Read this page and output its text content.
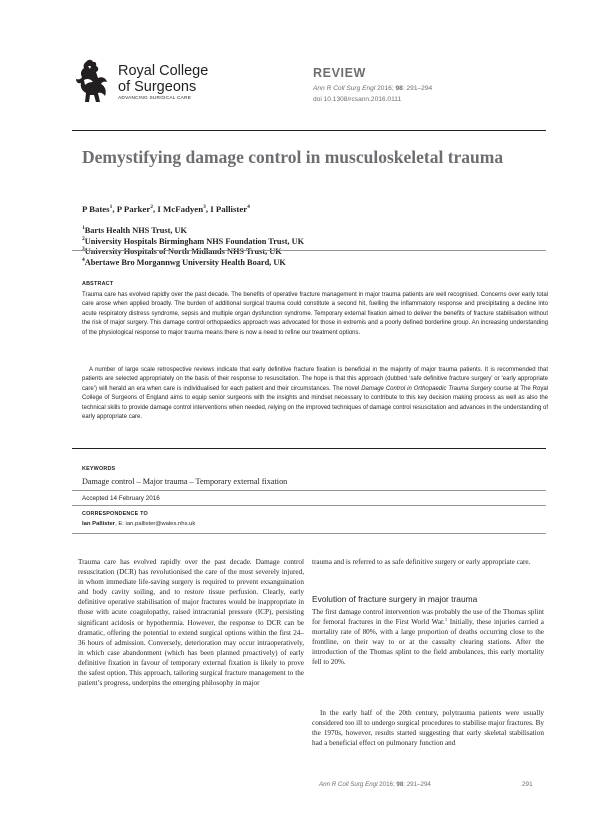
Royal College
of Surgeons
ADVANCING SURGICAL CARE
REVIEW
Ann R Coll Surg Engl 2016; 98: 291–294
doi 10.1308/rcsann.2016.0111
Demystifying damage control in musculoskeletal trauma
P Bates$^1$, P Parker$^2$, I McFadyen$^3$, I Pallister$^4$
$^1$Barts Health NHS Trust, UK
$^2$University Hospitals Birmingham NHS Foundation Trust, UK
$^3$University Hospitals of North Midlands NHS Trust, UK
$^4$Abertawe Bro Morgannwg University Health Board, UK
ABSTRACT
Trauma care has evolved rapidly over the past decade. The benefits of operative fracture management in major trauma patients are well recognised. Concerns over early total care arose when applied broadly. The burden of additional surgical trauma could constitute a second hit, fuelling the inflammatory response and precipitating a decline into acute respiratory distress syndrome, sepsis and multiple organ dysfunction syndrome. Temporary external fixation aimed to deliver the benefits of fracture stabilisation without the risk of major surgery. This damage control orthopaedics approach was advocated for those in extremis and a poorly defined borderline group. An increasing understanding of the physiological response to major trauma means there is now a need to refine our treatment options.
A number of large scale retrospective reviews indicate that early definitive fracture fixation is beneficial in the majority of major trauma patients. It is recommended that patients are selected appropriately on the basis of their response to resuscitation. The hope is that this approach (dubbed ‘safe definitive fracture surgery’ or ‘early appropriate care’) will herald an era when care is individualised for each patient and their circumstances. The novel Damage Control in Orthopaedic Trauma Surgery course at The Royal College of Surgeons of England aims to equip senior surgeons with the insights and mindset necessary to contribute to this key decision making process as well as also the technical skills to provide damage control interventions when needed, relying on the improved techniques of damage control resuscitation and advances in the understanding of early appropriate care.
KEYWORDS
Damage control – Major trauma – Temporary external fixation
Accepted 14 February 2016
CORRESPONDENCE TO
Ian Pallister, E: ian.pallister@wales.nhs.uk
Trauma care has evolved rapidly over the past decade. Damage control resuscitation (DCR) has revolutionised the care of the most severely injured, in whom immediate life-saving surgery is required to prevent exsanguination and body cavity soiling, and to restore tissue perfusion. Clearly, early definitive operative stabilisation of major fractures would be inappropriate in those with acute coagulopathy, raised intracranial pressure (ICP), persisting significant acidosis or hypothermia. However, the response to DCR can be dramatic, offering the potential to extend surgical options within the first 24–36 hours of admission. Conversely, deterioration may occur intraoperatively, in which case abandonment (which has been planned proactively) of early definitive fixation in favour of temporary external fixation is likely to prove the safest option. This approach, tailoring surgical fracture management to the patient’s progress, underpins the emerging philosophy in major
trauma and is referred to as safe definitive surgery or early appropriate care.
Evolution of fracture surgery in major trauma
The first damage control intervention was probably the use of the Thomas splint for femoral fractures in the First World War.$^1$ Initially, these injuries carried a mortality rate of 80%, with a large proportion of deaths occurring close to the frontline, on their way to or at the casualty clearing stations. After the introduction of the Thomas splint to the field ambulances, this early mortality fell to 20%.
In the early half of the 20th century, polytrauma patients were usually considered too ill to undergo surgical procedures to stabilise major fractures. By the 1970s, however, results started suggesting that early skeletal stabilisation had a beneficial effect on pulmonary function and
Ann R Coll Surg Engl 2016; 98: 291–294	291
